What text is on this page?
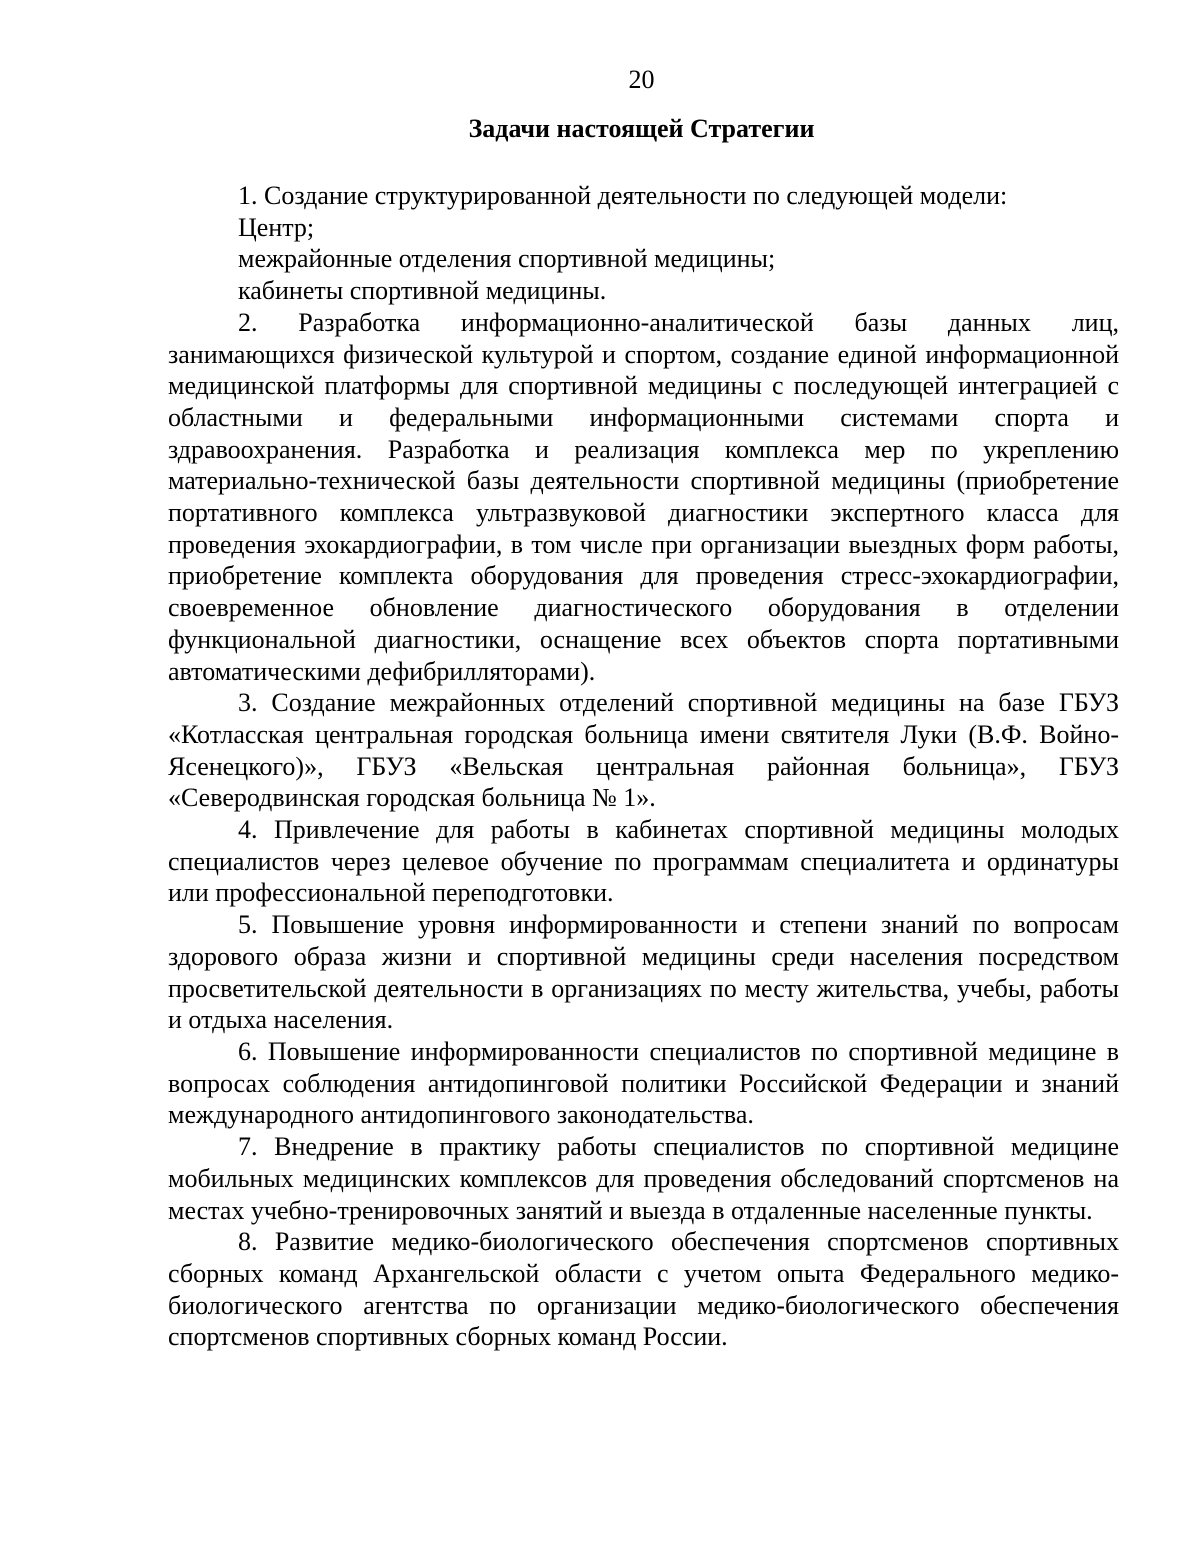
20
Задачи настоящей Стратегии

1. Создание структурированной деятельности по следующей модели:

Центр;

межрайонные отделения спортивной медицины;

кабинеты спортивной медицины.

2. Разработка информационно-аналитической базы данных лиц, занимающихся физической культурой и спортом, создание единой информационной медицинской платформы для спортивной медицины с последующей интеграцией с областными и федеральными информационными системами спорта и здравоохранения. Разработка и реализация комплекса мер по укреплению материально-технической базы деятельности спортивной медицины (приобретение портативного комплекса ультразвуковой диагностики экспертного класса для проведения эхокардиографии, в том числе при организации выездных форм работы, приобретение комплекта оборудования для проведения стресс-эхокардиографии, своевременное обновление диагностического оборудования в отделении функциональной диагностики, оснащение всех объектов спорта портативными автоматическими дефибрилляторами).

3. Создание межрайонных отделений спортивной медицины на базе ГБУЗ «Котласская центральная городская больница имени святителя Луки (В.Ф. Войно-Ясенецкого)», ГБУЗ «Вельская центральная районная больница», ГБУЗ «Северодвинская городская больница № 1».

4. Привлечение для работы в кабинетах спортивной медицины молодых специалистов через целевое обучение по программам специалитета и ординатуры или профессиональной переподготовки.

5. Повышение уровня информированности и степени знаний по вопросам здорового образа жизни и спортивной медицины среди населения посредством просветительской деятельности в организациях по месту жительства, учебы, работы и отдыха населения.

6. Повышение информированности специалистов по спортивной медицине в вопросах соблюдения антидопинговой политики Российской Федерации и знаний международного антидопингового законодательства.

7. Внедрение в практику работы специалистов по спортивной медицине мобильных медицинских комплексов для проведения обследований спортсменов на местах учебно-тренировочных занятий и выезда в отдаленные населенные пункты.

8. Развитие медико-биологического обеспечения спортсменов спортивных сборных команд Архангельской области с учетом опыта Федерального медико-биологического агентства по организации медико-биологического обеспечения спортсменов спортивных сборных команд России.
